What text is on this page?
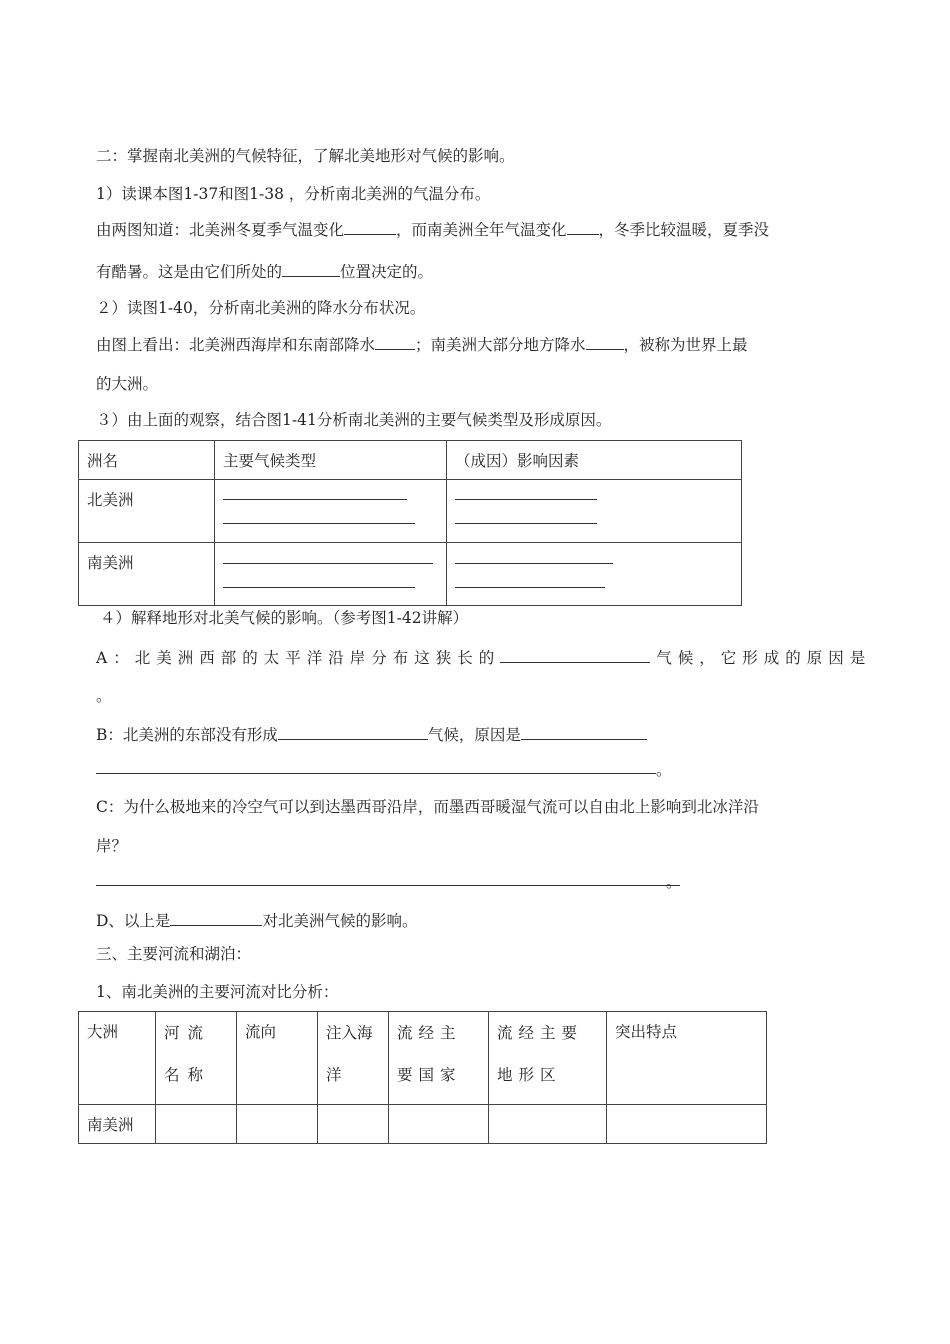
二：掌握南北美洲的气候特征，了解北美地形对气候的影响。
1）读课本图1-37和图1-38 ，分析南北美洲的气温分布。
由两图知道：北美洲冬夏季气温变化	，而南美洲全年气温变化 ，冬季比较温暖，夏季没
有酷暑。这是由它们所处的	位置决定的。
２）读图1-40，分析南北美洲的降水分布状况。
由图上看出：北美洲西海岸和东南部降水	；南美洲大部分地方降水 ，被称为世界上最
的大洲。
３）由上面的观察，结合图1-41分析南北美洲的主要气候类型及形成原因。
洲名	主要气候类型	（成因）影响因素

北美洲		

南美洲		

４）解释地形对北美气候的影响。（参考图1-42讲解）
A：北美洲西部的太平洋沿岸分布这狭长的	气候，它形成的原因是
。
B：北美洲的东部没有形成	气候，原因是
。
C：为什么极地来的冷空气可以到达墨西哥沿岸，而墨西哥暖湿气流可以自由北上影响到北冰洋沿
岸？
。
D、以上是	对北美洲气候的影响。
三、主要河流和湖泊：
1、南北美洲的主要河流对比分析：
大洲	河流名称	流向	注入海洋	流经主要国家	流经主要地形区	突出特点

南美洲						
